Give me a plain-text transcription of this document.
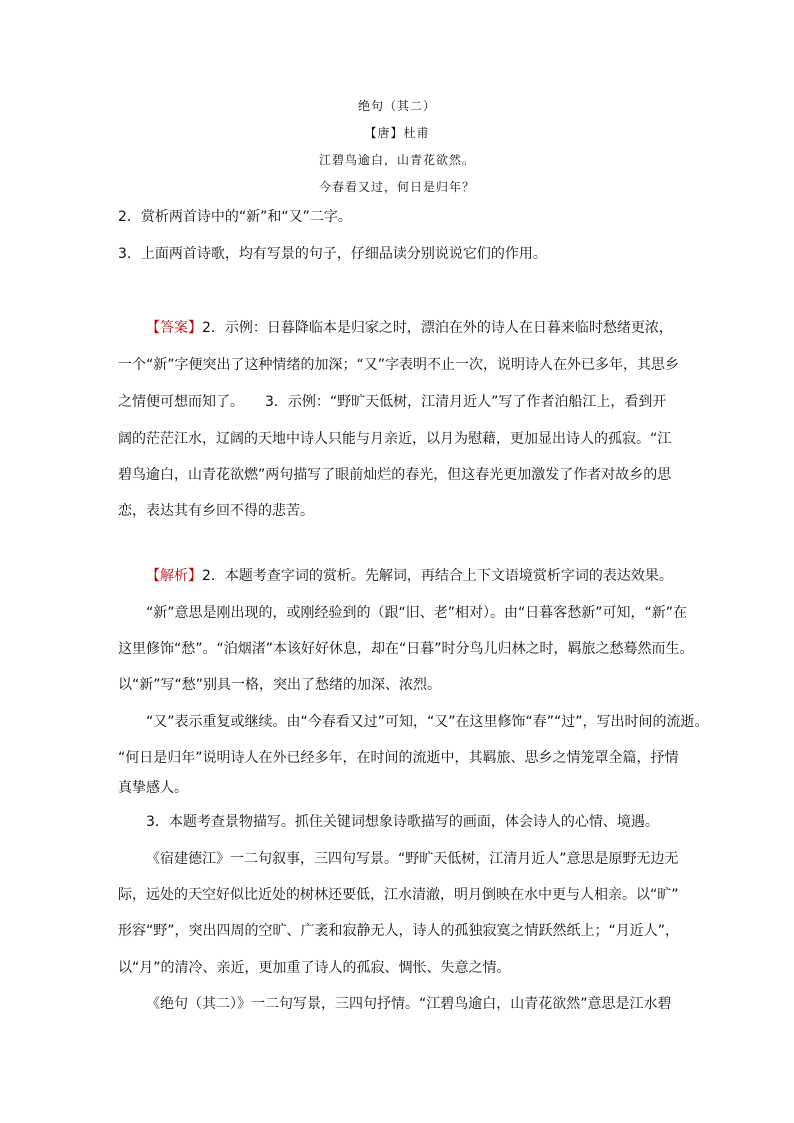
绝句（其二）
【唐】杜甫
江碧鸟逾白，山青花欲然。
今春看又过，何日是归年？
2．赏析两首诗中的“新”和“又”二字。
3．上面两首诗歌，均有写景的句子，仔细品读分别说说它们的作用。
【答案】2．示例：日暮降临本是归家之时，漂泊在外的诗人在日暮来临时愁绪更浓，
一个“新”字便突出了这种情绪的加深；“又”字表明不止一次，说明诗人在外已多年，其思乡
之情便可想而知了。　　3．示例：“野旷天低树，江清月近人”写了作者泊船江上，看到开
阔的茫茫江水，辽阔的天地中诗人只能与月亲近，以月为慰藉，更加显出诗人的孤寂。“江
碧鸟逾白，山青花欲燃”两句描写了眼前灿烂的春光，但这春光更加激发了作者对故乡的思
恋，表达其有乡回不得的悲苦。
【解析】2．本题考查字词的赏析。先解词，再结合上下文语境赏析字词的表达效果。
“新”意思是刚出现的，或刚经验到的（跟“旧、老”相对）。由“日暮客愁新”可知，“新”在
这里修饰“愁”。“泊烟渚”本该好好休息，却在“日暮”时分鸟儿归林之时，羁旅之愁蓦然而生。
以“新”写“愁”别具一格，突出了愁绪的加深、浓烈。
“又”表示重复或继续。由“今春看又过”可知，“又”在这里修饰“春”“过”，写出时间的流逝。
“何日是归年”说明诗人在外已经多年，在时间的流逝中，其羁旅、思乡之情笼罩全篇，抒情
真挚感人。
3．本题考查景物描写。抓住关键词想象诗歌描写的画面，体会诗人的心情、境遇。
《宿建德江》一二句叙事，三四句写景。“野旷天低树，江清月近人”意思是原野无边无
际，远处的天空好似比近处的树林还要低，江水清澈，明月倒映在水中更与人相亲。以“旷”
形容“野”，突出四周的空旷、广袤和寂静无人，诗人的孤独寂寞之情跃然纸上；“月近人”，
以“月”的清冷、亲近，更加重了诗人的孤寂、惆怅、失意之情。
《绝句（其二）》一二句写景，三四句抒情。“江碧鸟逾白，山青花欲然”意思是江水碧
